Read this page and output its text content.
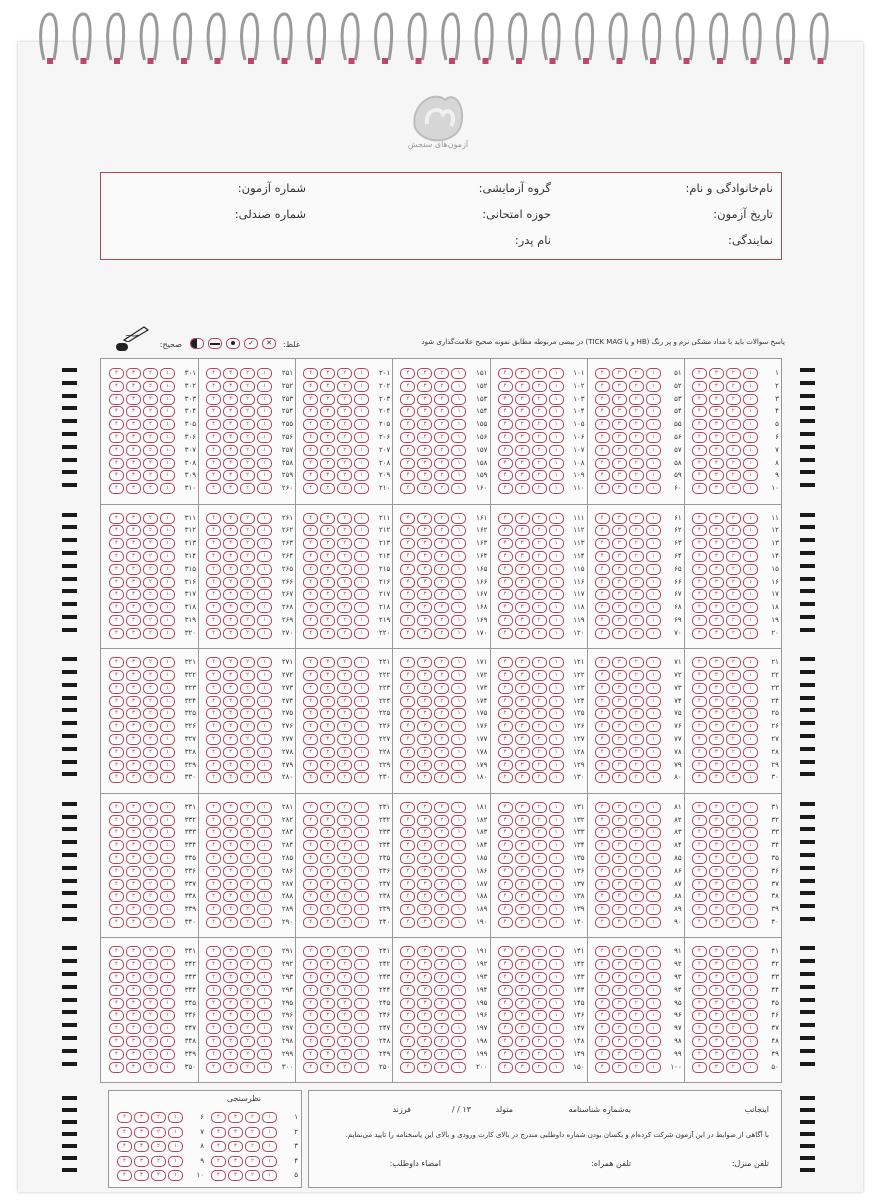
آزمون‌های سنجش
نام‌خانوادگی و نام:
گروه آزمایشی:
شماره آزمون:
تاریخ آزمون:
حوزه امتحانی:
شماره صندلی:
نمایندگی:
نام پدر:
پاسخ سوالات باید با مداد مشکی نرم و پر رنگ (HB و یا TICK MAG) در بیضی مربوطه مطابق نمونه صحیح علامت‌گذاری شود
غلط:
✕
✓
صحیح:
۱
۱
۲
۳
۴
۲
۱
۲
۳
۴
۳
۱
۲
۳
۴
۴
۱
۲
۳
۴
۵
۱
۲
۳
۴
۶
۱
۲
۳
۴
۷
۱
۲
۳
۴
۸
۱
۲
۳
۴
۹
۱
۲
۳
۴
۱۰
۱
۲
۳
۴
۱۱
۱
۲
۳
۴
۱۲
۱
۲
۳
۴
۱۳
۱
۲
۳
۴
۱۴
۱
۲
۳
۴
۱۵
۱
۲
۳
۴
۱۶
۱
۲
۳
۴
۱۷
۱
۲
۳
۴
۱۸
۱
۲
۳
۴
۱۹
۱
۲
۳
۴
۲۰
۱
۲
۳
۴
۲۱
۱
۲
۳
۴
۲۲
۱
۲
۳
۴
۲۳
۱
۲
۳
۴
۲۴
۱
۲
۳
۴
۲۵
۱
۲
۳
۴
۲۶
۱
۲
۳
۴
۲۷
۱
۲
۳
۴
۲۸
۱
۲
۳
۴
۲۹
۱
۲
۳
۴
۳۰
۱
۲
۳
۴
۳۱
۱
۲
۳
۴
۳۲
۱
۲
۳
۴
۳۳
۱
۲
۳
۴
۳۴
۱
۲
۳
۴
۳۵
۱
۲
۳
۴
۳۶
۱
۲
۳
۴
۳۷
۱
۲
۳
۴
۳۸
۱
۲
۳
۴
۳۹
۱
۲
۳
۴
۴۰
۱
۲
۳
۴
۴۱
۱
۲
۳
۴
۴۲
۱
۲
۳
۴
۴۳
۱
۲
۳
۴
۴۴
۱
۲
۳
۴
۴۵
۱
۲
۳
۴
۴۶
۱
۲
۳
۴
۴۷
۱
۲
۳
۴
۴۸
۱
۲
۳
۴
۴۹
۱
۲
۳
۴
۵۰
۱
۲
۳
۴
۵۱
۱
۲
۳
۴
۵۲
۱
۲
۳
۴
۵۳
۱
۲
۳
۴
۵۴
۱
۲
۳
۴
۵۵
۱
۲
۳
۴
۵۶
۱
۲
۳
۴
۵۷
۱
۲
۳
۴
۵۸
۱
۲
۳
۴
۵۹
۱
۲
۳
۴
۶۰
۱
۲
۳
۴
۶۱
۱
۲
۳
۴
۶۲
۱
۲
۳
۴
۶۳
۱
۲
۳
۴
۶۴
۱
۲
۳
۴
۶۵
۱
۲
۳
۴
۶۶
۱
۲
۳
۴
۶۷
۱
۲
۳
۴
۶۸
۱
۲
۳
۴
۶۹
۱
۲
۳
۴
۷۰
۱
۲
۳
۴
۷۱
۱
۲
۳
۴
۷۲
۱
۲
۳
۴
۷۳
۱
۲
۳
۴
۷۴
۱
۲
۳
۴
۷۵
۱
۲
۳
۴
۷۶
۱
۲
۳
۴
۷۷
۱
۲
۳
۴
۷۸
۱
۲
۳
۴
۷۹
۱
۲
۳
۴
۸۰
۱
۲
۳
۴
۸۱
۱
۲
۳
۴
۸۲
۱
۲
۳
۴
۸۳
۱
۲
۳
۴
۸۴
۱
۲
۳
۴
۸۵
۱
۲
۳
۴
۸۶
۱
۲
۳
۴
۸۷
۱
۲
۳
۴
۸۸
۱
۲
۳
۴
۸۹
۱
۲
۳
۴
۹۰
۱
۲
۳
۴
۹۱
۱
۲
۳
۴
۹۲
۱
۲
۳
۴
۹۳
۱
۲
۳
۴
۹۴
۱
۲
۳
۴
۹۵
۱
۲
۳
۴
۹۶
۱
۲
۳
۴
۹۷
۱
۲
۳
۴
۹۸
۱
۲
۳
۴
۹۹
۱
۲
۳
۴
۱۰۰
۱
۲
۳
۴
۱۰۱
۱
۲
۳
۴
۱۰۲
۱
۲
۳
۴
۱۰۳
۱
۲
۳
۴
۱۰۴
۱
۲
۳
۴
۱۰۵
۱
۲
۳
۴
۱۰۶
۱
۲
۳
۴
۱۰۷
۱
۲
۳
۴
۱۰۸
۱
۲
۳
۴
۱۰۹
۱
۲
۳
۴
۱۱۰
۱
۲
۳
۴
۱۱۱
۱
۲
۳
۴
۱۱۲
۱
۲
۳
۴
۱۱۳
۱
۲
۳
۴
۱۱۴
۱
۲
۳
۴
۱۱۵
۱
۲
۳
۴
۱۱۶
۱
۲
۳
۴
۱۱۷
۱
۲
۳
۴
۱۱۸
۱
۲
۳
۴
۱۱۹
۱
۲
۳
۴
۱۲۰
۱
۲
۳
۴
۱۲۱
۱
۲
۳
۴
۱۲۲
۱
۲
۳
۴
۱۲۳
۱
۲
۳
۴
۱۲۴
۱
۲
۳
۴
۱۲۵
۱
۲
۳
۴
۱۲۶
۱
۲
۳
۴
۱۲۷
۱
۲
۳
۴
۱۲۸
۱
۲
۳
۴
۱۲۹
۱
۲
۳
۴
۱۳۰
۱
۲
۳
۴
۱۳۱
۱
۲
۳
۴
۱۳۲
۱
۲
۳
۴
۱۳۳
۱
۲
۳
۴
۱۳۴
۱
۲
۳
۴
۱۳۵
۱
۲
۳
۴
۱۳۶
۱
۲
۳
۴
۱۳۷
۱
۲
۳
۴
۱۳۸
۱
۲
۳
۴
۱۳۹
۱
۲
۳
۴
۱۴۰
۱
۲
۳
۴
۱۴۱
۱
۲
۳
۴
۱۴۲
۱
۲
۳
۴
۱۴۳
۱
۲
۳
۴
۱۴۴
۱
۲
۳
۴
۱۴۵
۱
۲
۳
۴
۱۴۶
۱
۲
۳
۴
۱۴۷
۱
۲
۳
۴
۱۴۸
۱
۲
۳
۴
۱۴۹
۱
۲
۳
۴
۱۵۰
۱
۲
۳
۴
۱۵۱
۱
۲
۳
۴
۱۵۲
۱
۲
۳
۴
۱۵۳
۱
۲
۳
۴
۱۵۴
۱
۲
۳
۴
۱۵۵
۱
۲
۳
۴
۱۵۶
۱
۲
۳
۴
۱۵۷
۱
۲
۳
۴
۱۵۸
۱
۲
۳
۴
۱۵۹
۱
۲
۳
۴
۱۶۰
۱
۲
۳
۴
۱۶۱
۱
۲
۳
۴
۱۶۲
۱
۲
۳
۴
۱۶۳
۱
۲
۳
۴
۱۶۴
۱
۲
۳
۴
۱۶۵
۱
۲
۳
۴
۱۶۶
۱
۲
۳
۴
۱۶۷
۱
۲
۳
۴
۱۶۸
۱
۲
۳
۴
۱۶۹
۱
۲
۳
۴
۱۷۰
۱
۲
۳
۴
۱۷۱
۱
۲
۳
۴
۱۷۲
۱
۲
۳
۴
۱۷۳
۱
۲
۳
۴
۱۷۴
۱
۲
۳
۴
۱۷۵
۱
۲
۳
۴
۱۷۶
۱
۲
۳
۴
۱۷۷
۱
۲
۳
۴
۱۷۸
۱
۲
۳
۴
۱۷۹
۱
۲
۳
۴
۱۸۰
۱
۲
۳
۴
۱۸۱
۱
۲
۳
۴
۱۸۲
۱
۲
۳
۴
۱۸۳
۱
۲
۳
۴
۱۸۴
۱
۲
۳
۴
۱۸۵
۱
۲
۳
۴
۱۸۶
۱
۲
۳
۴
۱۸۷
۱
۲
۳
۴
۱۸۸
۱
۲
۳
۴
۱۸۹
۱
۲
۳
۴
۱۹۰
۱
۲
۳
۴
۱۹۱
۱
۲
۳
۴
۱۹۲
۱
۲
۳
۴
۱۹۳
۱
۲
۳
۴
۱۹۴
۱
۲
۳
۴
۱۹۵
۱
۲
۳
۴
۱۹۶
۱
۲
۳
۴
۱۹۷
۱
۲
۳
۴
۱۹۸
۱
۲
۳
۴
۱۹۹
۱
۲
۳
۴
۲۰۰
۱
۲
۳
۴
۲۰۱
۱
۲
۳
۴
۲۰۲
۱
۲
۳
۴
۲۰۳
۱
۲
۳
۴
۲۰۴
۱
۲
۳
۴
۲۰۵
۱
۲
۳
۴
۲۰۶
۱
۲
۳
۴
۲۰۷
۱
۲
۳
۴
۲۰۸
۱
۲
۳
۴
۲۰۹
۱
۲
۳
۴
۲۱۰
۱
۲
۳
۴
۲۱۱
۱
۲
۳
۴
۲۱۲
۱
۲
۳
۴
۲۱۳
۱
۲
۳
۴
۲۱۴
۱
۲
۳
۴
۲۱۵
۱
۲
۳
۴
۲۱۶
۱
۲
۳
۴
۲۱۷
۱
۲
۳
۴
۲۱۸
۱
۲
۳
۴
۲۱۹
۱
۲
۳
۴
۲۲۰
۱
۲
۳
۴
۲۲۱
۱
۲
۳
۴
۲۲۲
۱
۲
۳
۴
۲۲۳
۱
۲
۳
۴
۲۲۴
۱
۲
۳
۴
۲۲۵
۱
۲
۳
۴
۲۲۶
۱
۲
۳
۴
۲۲۷
۱
۲
۳
۴
۲۲۸
۱
۲
۳
۴
۲۲۹
۱
۲
۳
۴
۲۳۰
۱
۲
۳
۴
۲۳۱
۱
۲
۳
۴
۲۳۲
۱
۲
۳
۴
۲۳۳
۱
۲
۳
۴
۲۳۴
۱
۲
۳
۴
۲۳۵
۱
۲
۳
۴
۲۳۶
۱
۲
۳
۴
۲۳۷
۱
۲
۳
۴
۲۳۸
۱
۲
۳
۴
۲۳۹
۱
۲
۳
۴
۲۴۰
۱
۲
۳
۴
۲۴۱
۱
۲
۳
۴
۲۴۲
۱
۲
۳
۴
۲۴۳
۱
۲
۳
۴
۲۴۴
۱
۲
۳
۴
۲۴۵
۱
۲
۳
۴
۲۴۶
۱
۲
۳
۴
۲۴۷
۱
۲
۳
۴
۲۴۸
۱
۲
۳
۴
۲۴۹
۱
۲
۳
۴
۲۵۰
۱
۲
۳
۴
۲۵۱
۱
۲
۳
۴
۲۵۲
۱
۲
۳
۴
۲۵۳
۱
۲
۳
۴
۲۵۴
۱
۲
۳
۴
۲۵۵
۱
۲
۳
۴
۲۵۶
۱
۲
۳
۴
۲۵۷
۱
۲
۳
۴
۲۵۸
۱
۲
۳
۴
۲۵۹
۱
۲
۳
۴
۲۶۰
۱
۲
۳
۴
۲۶۱
۱
۲
۳
۴
۲۶۲
۱
۲
۳
۴
۲۶۳
۱
۲
۳
۴
۲۶۴
۱
۲
۳
۴
۲۶۵
۱
۲
۳
۴
۲۶۶
۱
۲
۳
۴
۲۶۷
۱
۲
۳
۴
۲۶۸
۱
۲
۳
۴
۲۶۹
۱
۲
۳
۴
۲۷۰
۱
۲
۳
۴
۲۷۱
۱
۲
۳
۴
۲۷۲
۱
۲
۳
۴
۲۷۳
۱
۲
۳
۴
۲۷۴
۱
۲
۳
۴
۲۷۵
۱
۲
۳
۴
۲۷۶
۱
۲
۳
۴
۲۷۷
۱
۲
۳
۴
۲۷۸
۱
۲
۳
۴
۲۷۹
۱
۲
۳
۴
۲۸۰
۱
۲
۳
۴
۲۸۱
۱
۲
۳
۴
۲۸۲
۱
۲
۳
۴
۲۸۳
۱
۲
۳
۴
۲۸۴
۱
۲
۳
۴
۲۸۵
۱
۲
۳
۴
۲۸۶
۱
۲
۳
۴
۲۸۷
۱
۲
۳
۴
۲۸۸
۱
۲
۳
۴
۲۸۹
۱
۲
۳
۴
۲۹۰
۱
۲
۳
۴
۲۹۱
۱
۲
۳
۴
۲۹۲
۱
۲
۳
۴
۲۹۳
۱
۲
۳
۴
۲۹۴
۱
۲
۳
۴
۲۹۵
۱
۲
۳
۴
۲۹۶
۱
۲
۳
۴
۲۹۷
۱
۲
۳
۴
۲۹۸
۱
۲
۳
۴
۲۹۹
۱
۲
۳
۴
۳۰۰
۱
۲
۳
۴
۳۰۱
۱
۲
۳
۴
۳۰۲
۱
۲
۳
۴
۳۰۳
۱
۲
۳
۴
۳۰۴
۱
۲
۳
۴
۳۰۵
۱
۲
۳
۴
۳۰۶
۱
۲
۳
۴
۳۰۷
۱
۲
۳
۴
۳۰۸
۱
۲
۳
۴
۳۰۹
۱
۲
۳
۴
۳۱۰
۱
۲
۳
۴
۳۱۱
۱
۲
۳
۴
۳۱۲
۱
۲
۳
۴
۳۱۳
۱
۲
۳
۴
۳۱۴
۱
۲
۳
۴
۳۱۵
۱
۲
۳
۴
۳۱۶
۱
۲
۳
۴
۳۱۷
۱
۲
۳
۴
۳۱۸
۱
۲
۳
۴
۳۱۹
۱
۲
۳
۴
۳۲۰
۱
۲
۳
۴
۳۲۱
۱
۲
۳
۴
۳۲۲
۱
۲
۳
۴
۳۲۳
۱
۲
۳
۴
۳۲۴
۱
۲
۳
۴
۳۲۵
۱
۲
۳
۴
۳۲۶
۱
۲
۳
۴
۳۲۷
۱
۲
۳
۴
۳۲۸
۱
۲
۳
۴
۳۲۹
۱
۲
۳
۴
۳۳۰
۱
۲
۳
۴
۳۳۱
۱
۲
۳
۴
۳۳۲
۱
۲
۳
۴
۳۳۳
۱
۲
۳
۴
۳۳۴
۱
۲
۳
۴
۳۳۵
۱
۲
۳
۴
۳۳۶
۱
۲
۳
۴
۳۳۷
۱
۲
۳
۴
۳۳۸
۱
۲
۳
۴
۳۳۹
۱
۲
۳
۴
۳۴۰
۱
۲
۳
۴
۳۴۱
۱
۲
۳
۴
۳۴۲
۱
۲
۳
۴
۳۴۳
۱
۲
۳
۴
۳۴۴
۱
۲
۳
۴
۳۴۵
۱
۲
۳
۴
۳۴۶
۱
۲
۳
۴
۳۴۷
۱
۲
۳
۴
۳۴۸
۱
۲
۳
۴
۳۴۹
۱
۲
۳
۴
۳۵۰
۱
۲
۳
۴
نظرسنجی
۱
۱
۲
۳
۴
۲
۱
۲
۳
۴
۳
۱
۲
۳
۴
۴
۱
۲
۳
۴
۵
۱
۲
۳
۴
۶
۱
۲
۳
۴
۷
۱
۲
۳
۴
۸
۱
۲
۳
۴
۹
۱
۲
۳
۴
۱۰
۱
۲
۳
۴
اینجانب
به‌شماره شناسنامه
متولد
/ / ۱۳
فرزند
با آگاهی از ضوابط در این آزمون شرکت کرده‌ام و یکسان بودن شماره داوطلبی مندرج در بالای کارت ورودی و بالای این پاسخنامه را تایید می‌نمایم.
تلفن منزل:
تلفن همراه:
امضاء داوطلب:
